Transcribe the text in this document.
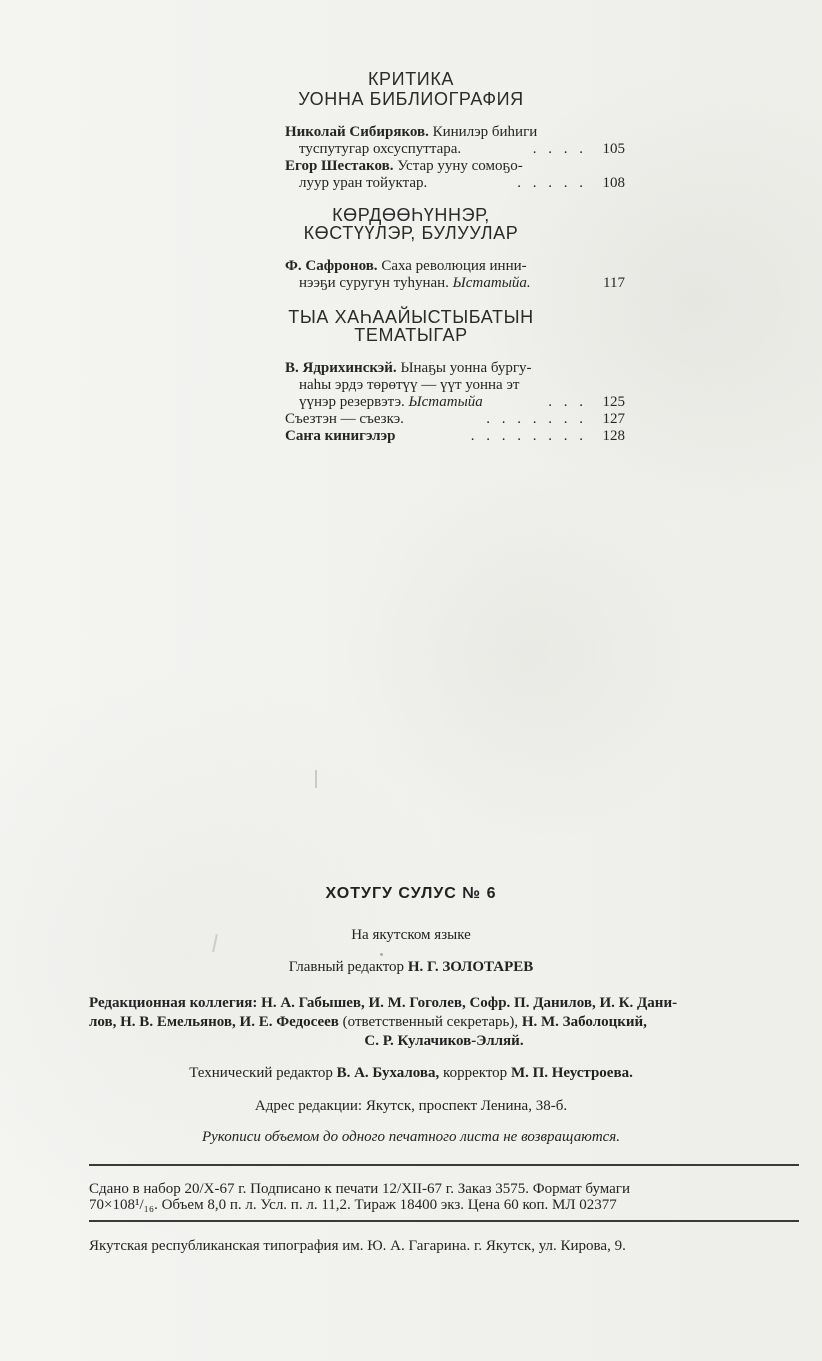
КРИТИКА
УОННА БИБЛИОГРАФИЯ
Николай Сибиряков. Кинилэр биһиги
туспутугар охсуспуттара.	. . . .	105
Егор Шестаков. Устар ууну сомоҕо-
лууp уран тойуктар.	. . . . .	108
КӨРДӨӨҺҮННЭР,
КӨСТҮҮЛЭР, БУЛУУЛАР
Ф. Сафронов. Саха революция инни-
нээҕи суругун туһунан. Ыстатыйа.	117
ТЫА ХАҺААЙЫСТЫБАТЫН
ТЕМАТЫГАР
В. Ядрихинскэй. Ынаҕы уонна бургу-
наһы эрдэ төрөтүү — үүт уонна эт
үүнэр резервэтэ. Ыстатыйа	. . .	125
Съезтэн — съезкэ.	. . . . . . .	127
Саҥа кинигэлэр	. . . . . . . .	128
ХОТУГУ СУЛУС № 6
На якутском языке
Главный редактор Н. Г. ЗОЛОТАРЕВ
Редакционная коллегия: Н. А. Габышев, И. М. Гоголев, Софр. П. Данилов, И. К. Дани-
лов, Н. В. Емельянов, И. Е. Федосеев (ответственный секретарь), Н. М. Заболоцкий,
С. Р. Кулачиков-Элляй.
Технический редактор В. А. Бухалова, корректор М. П. Неустроева.
Адрес редакции: Якутск, проспект Ленина, 38-б.
Рукописи объемом до одного печатного листа не возвращаются.
Сдано в набор 20/X-67 г. Подписано к печати 12/XII-67 г. Заказ 3575. Формат бумаги
70×108¹/₁₆. Объем 8,0 п. л. Усл. п. л. 11,2. Тираж 18400 экз. Цена 60 коп. МЛ 02377
Якутская республиканская типография им. Ю. А. Гагарина. г. Якутск, ул. Кирова, 9.
